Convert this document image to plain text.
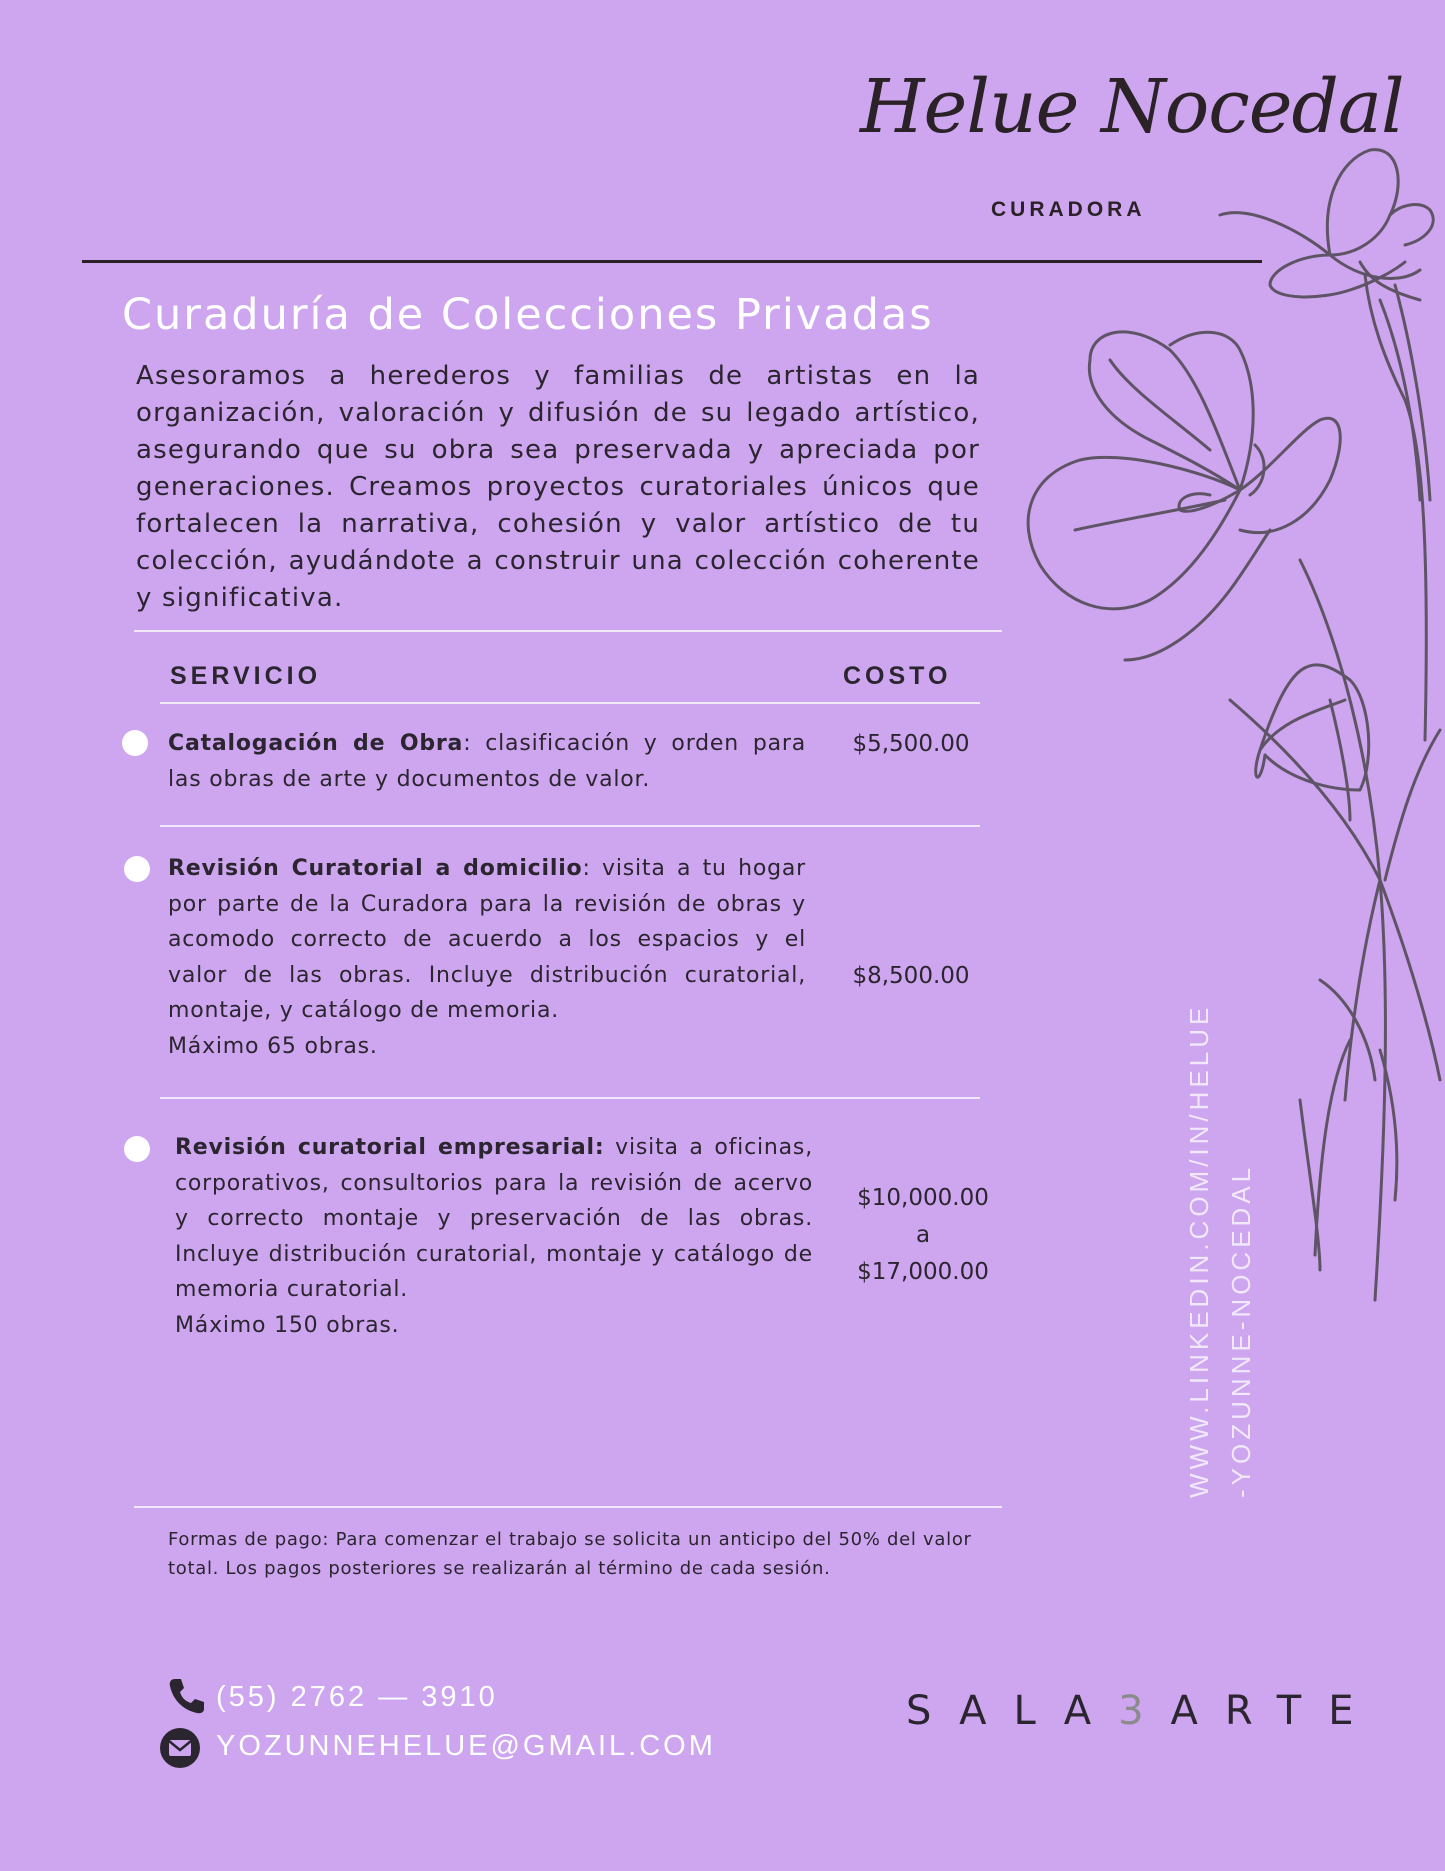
Helue Nocedal
CURADORA
Curaduría de Colecciones Privadas
Asesoramos a herederos y familias de artistas en la organización, valoración y difusión de su legado artístico, asegurando que su obra sea preservada y apreciada por generaciones. Creamos proyectos curatoriales únicos que fortalecen la narrativa, cohesión y valor artístico de tu colección, ayudándote a construir una colección coherente y significativa.
SERVICIO	COSTO
Catalogación de Obra: clasificación y orden para las obras de arte y documentos de valor.
$5,500.00
Revisión Curatorial a domicilio: visita a tu hogar por parte de la Curadora para la revisión de obras y acomodo correcto de acuerdo a los espacios y el valor de las obras. Incluye distribución curatorial, montaje, y catálogo de memoria.
Máximo 65 obras.
$8,500.00
Revisión curatorial empresarial: visita a oficinas, corporativos, consultorios para la revisión de acervo y correcto montaje y preservación de las obras. Incluye distribución curatorial, montaje y catálogo de memoria curatorial.
Máximo 150 obras.
$10,000.00
a
$17,000.00	WWW.LINKEDIN.COM/IN/HELUE -YOZUNNE-NOCEDAL
Formas de pago: Para comenzar el trabajo se solicita un anticipo del 50% del valor total. Los pagos posteriores se realizarán al término de cada sesión.
(55) 2762 — 3910
YOZUNNEHELUE@GMAIL.COM
SALA3ARTE
